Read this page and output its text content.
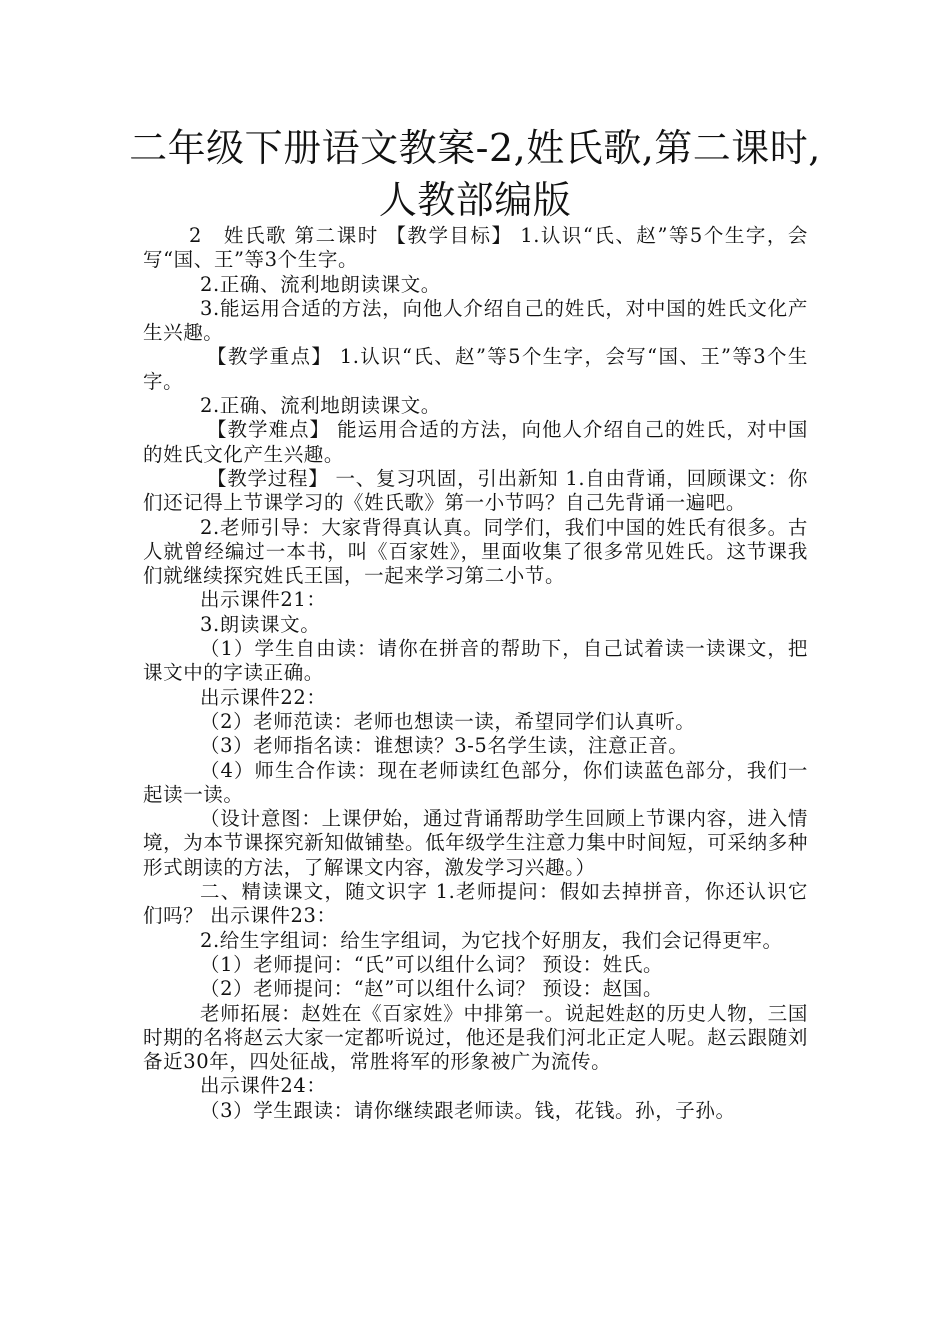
二年级下册语文教案-2,姓氏歌,第二课时,
人教部编版

2　姓氏歌 第二课时 【教学目标】 1.认识“氏、赵”等5个生字，会写“国、王”等3个生字。

2.正确、流利地朗读课文。

3.能运用合适的方法，向他人介绍自己的姓氏，对中国的姓氏文化产生兴趣。

【教学重点】 1.认识“氏、赵”等5个生字，会写“国、王”等3个生字。

2.正确、流利地朗读课文。

【教学难点】 能运用合适的方法，向他人介绍自己的姓氏，对中国的姓氏文化产生兴趣。

【教学过程】 一、复习巩固，引出新知 1.自由背诵，回顾课文：你们还记得上节课学习的《姓氏歌》第一小节吗？自己先背诵一遍吧。

2.老师引导：大家背得真认真。同学们，我们中国的姓氏有很多。古人就曾经编过一本书，叫《百家姓》，里面收集了很多常见姓氏。这节课我们就继续探究姓氏王国，一起来学习第二小节。

出示课件21：

3.朗读课文。

（1）学生自由读：请你在拼音的帮助下，自己试着读一读课文，把课文中的字读正确。

出示课件22：

（2）老师范读：老师也想读一读，希望同学们认真听。

（3）老师指名读：谁想读？3-5名学生读，注意正音。

（4）师生合作读：现在老师读红色部分，你们读蓝色部分，我们一起读一读。

（设计意图：上课伊始，通过背诵帮助学生回顾上节课内容，进入情境，为本节课探究新知做铺垫。低年级学生注意力集中时间短，可采纳多种形式朗读的方法，了解课文内容，激发学习兴趣。）

二、精读课文，随文识字 1.老师提问：假如去掉拼音，你还认识它们吗？ 出示课件23：

2.给生字组词：给生字组词，为它找个好朋友，我们会记得更牢。

（1）老师提问：“氏”可以组什么词？ 预设：姓氏。

（2）老师提问：“赵”可以组什么词？ 预设：赵国。

老师拓展：赵姓在《百家姓》中排第一。说起姓赵的历史人物，三国时期的名将赵云大家一定都听说过，他还是我们河北正定人呢。赵云跟随刘备近30年，四处征战，常胜将军的形象被广为流传。

出示课件24：

（3）学生跟读：请你继续跟老师读。钱，花钱。孙，子孙。
